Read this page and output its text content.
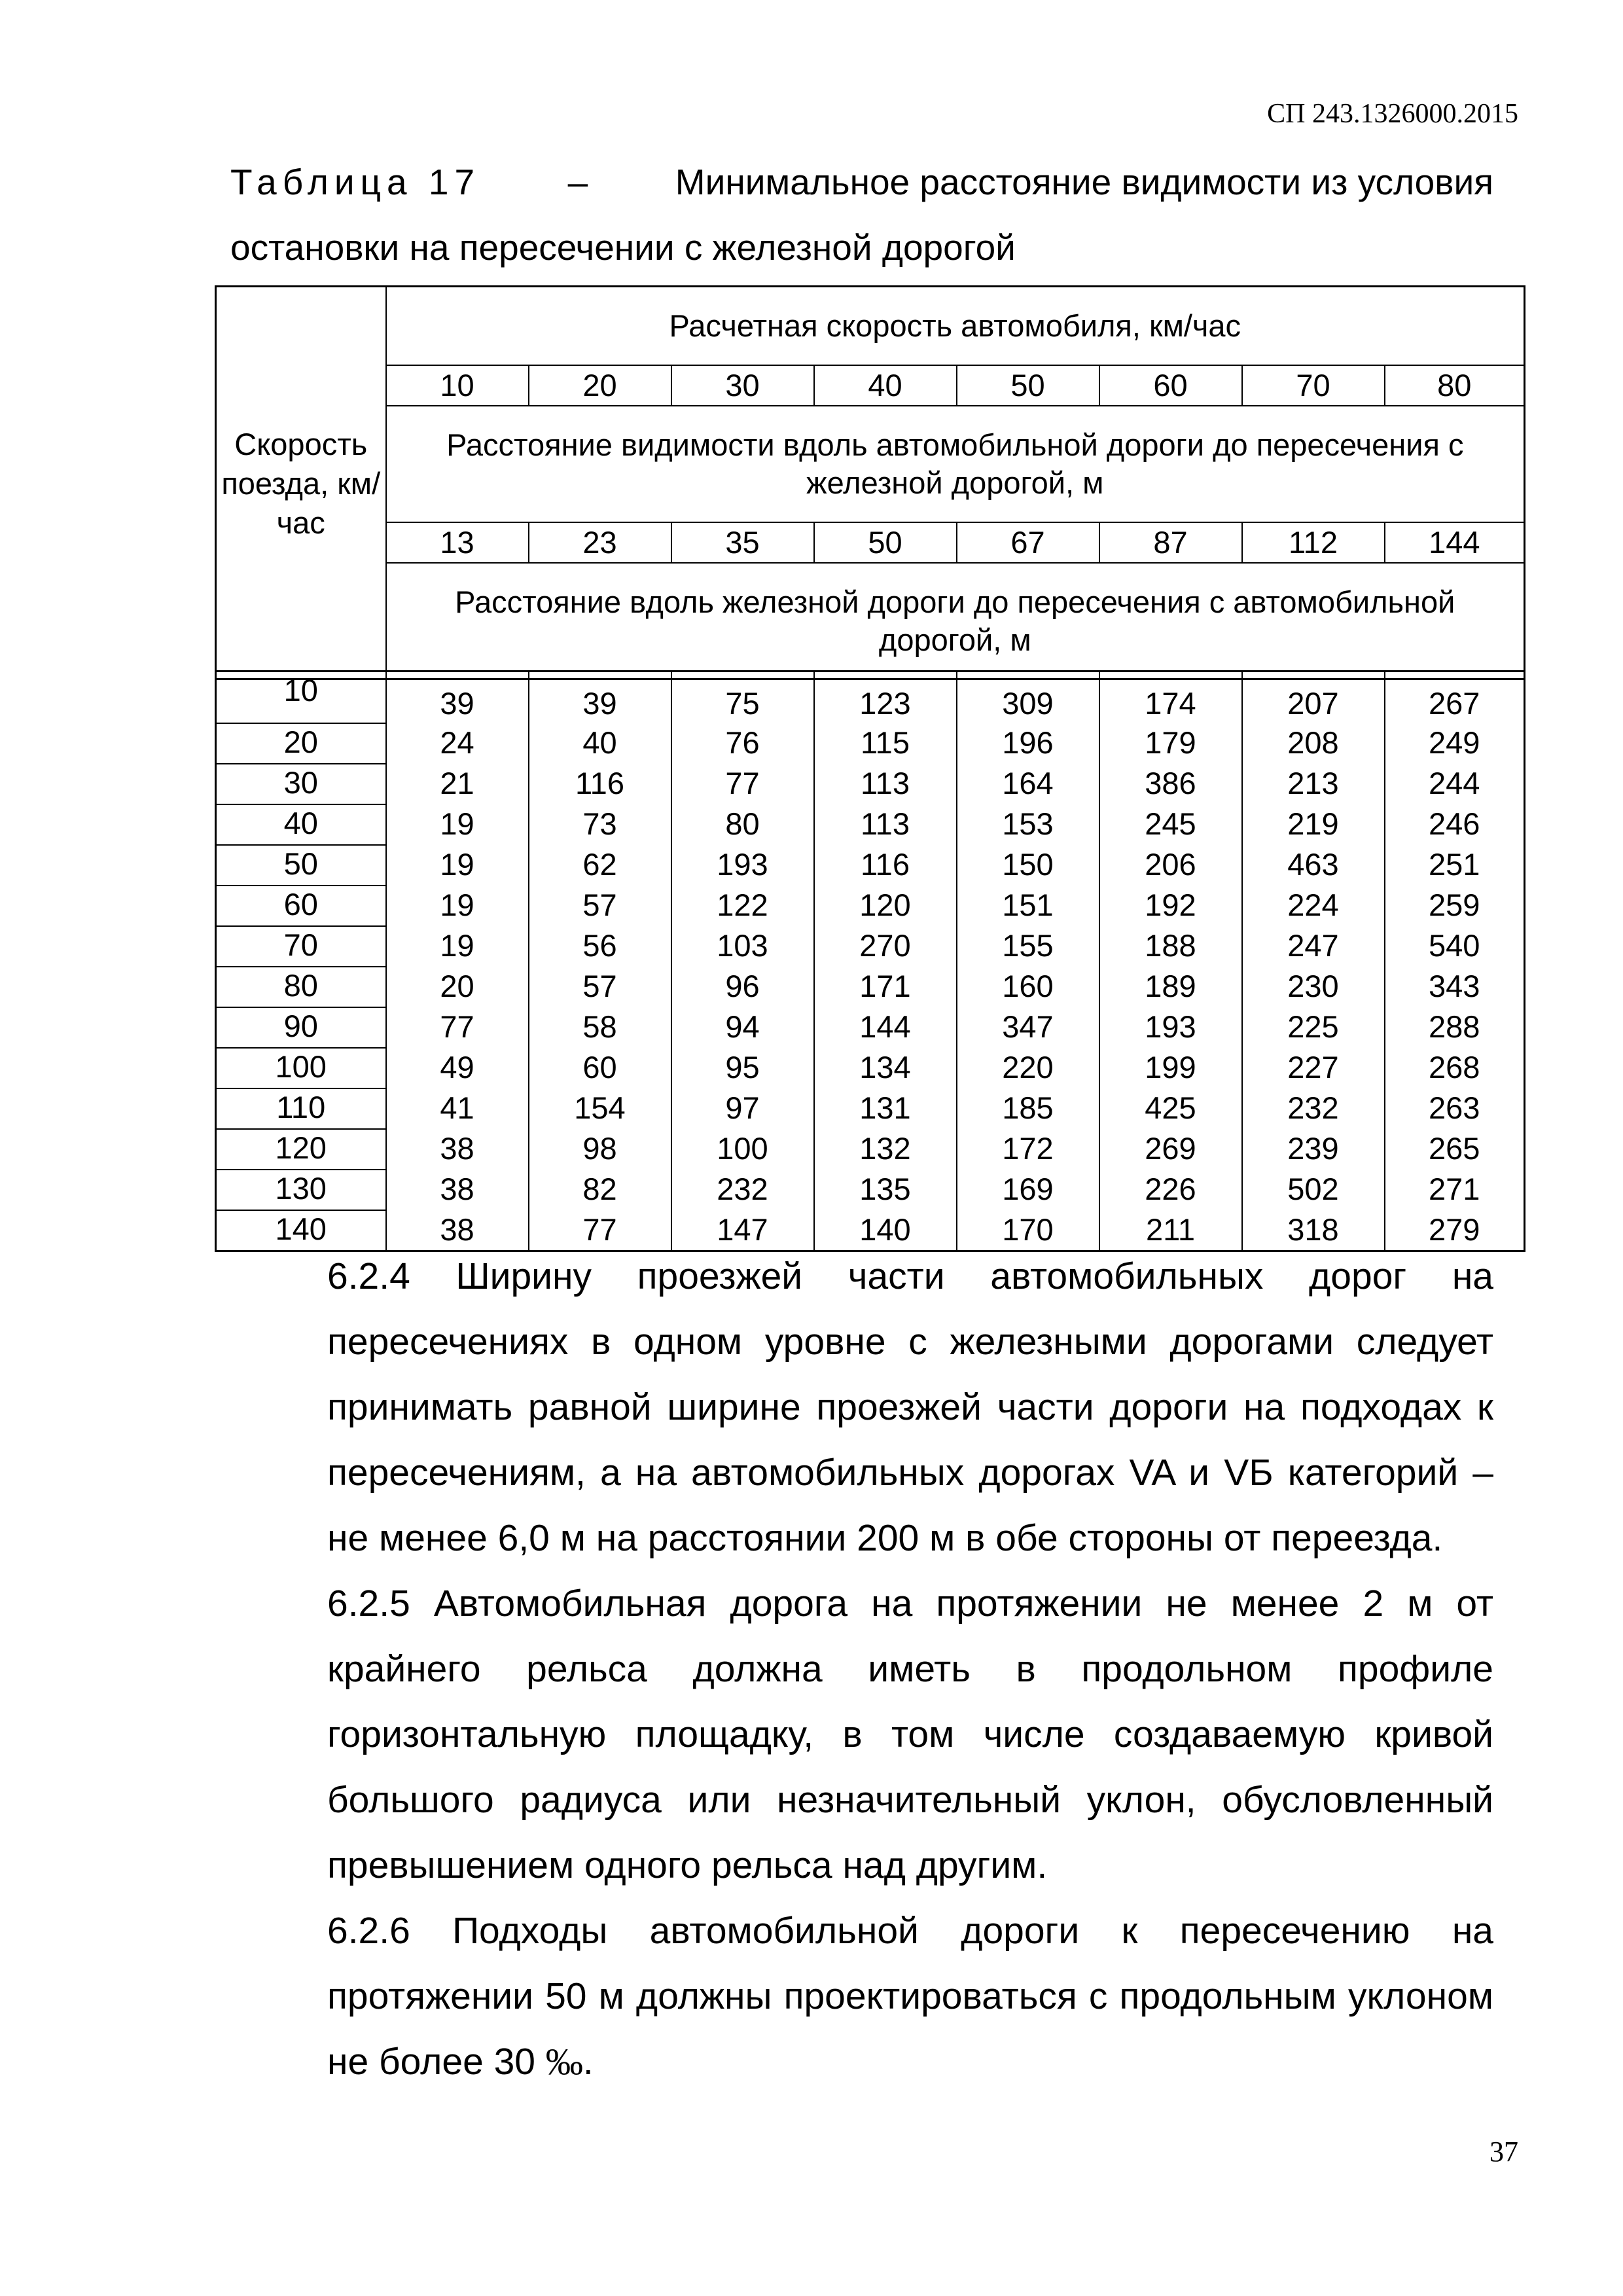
СП 243.1326000.2015
Таблица 17 – Минимальное расстояние видимости из условия
остановки на пересечении с железной дорогой
Скорость поезда, км/час	Расчетная скорость автомобиля, км/час							
	10	20	30	40	50	60	70	80
	Расстояние видимости вдоль автомобильной дороги до пересечения с железной дорогой, м							
	13	23	35	50	67	87	112	144
	Расстояние вдоль железной дороги до пересечения с автомобильной дорогой, м							

10	39	39	75	123	309	174	207	267
20	24	40	76	115	196	179	208	249
30	21	116	77	113	164	386	213	244
40	19	73	80	113	153	245	219	246
50	19	62	193	116	150	206	463	251
60	19	57	122	120	151	192	224	259
70	19	56	103	270	155	188	247	540
80	20	57	96	171	160	189	230	343
90	77	58	94	144	347	193	225	288
100	49	60	95	134	220	199	227	268
110	41	154	97	131	185	425	232	263
120	38	98	100	132	172	269	239	265
130	38	82	232	135	169	226	502	271
140	38	77	147	140	170	211	318	279
6.2.4 Ширину проезжей части автомобильных дорог на пересечениях в одном уровне с железными дорогами следует принимать равной ширине проезжей части дороги на подходах к пересечениям, а на автомобильных дорогах VA и VБ категорий – не менее 6,0 м на расстоянии 200 м в обе стороны от переезда.
6.2.5 Автомобильная дорога на протяжении не менее 2 м от крайнего рельса должна иметь в продольном профиле горизонтальную площадку, в том числе создаваемую кривой большого радиуса или незначительный уклон, обусловленный превышением одного рельса над другим.
6.2.6 Подходы автомобильной дороги к пересечению на протяжении 50 м должны проектироваться с продольным уклоном не более 30 ‰.
37
